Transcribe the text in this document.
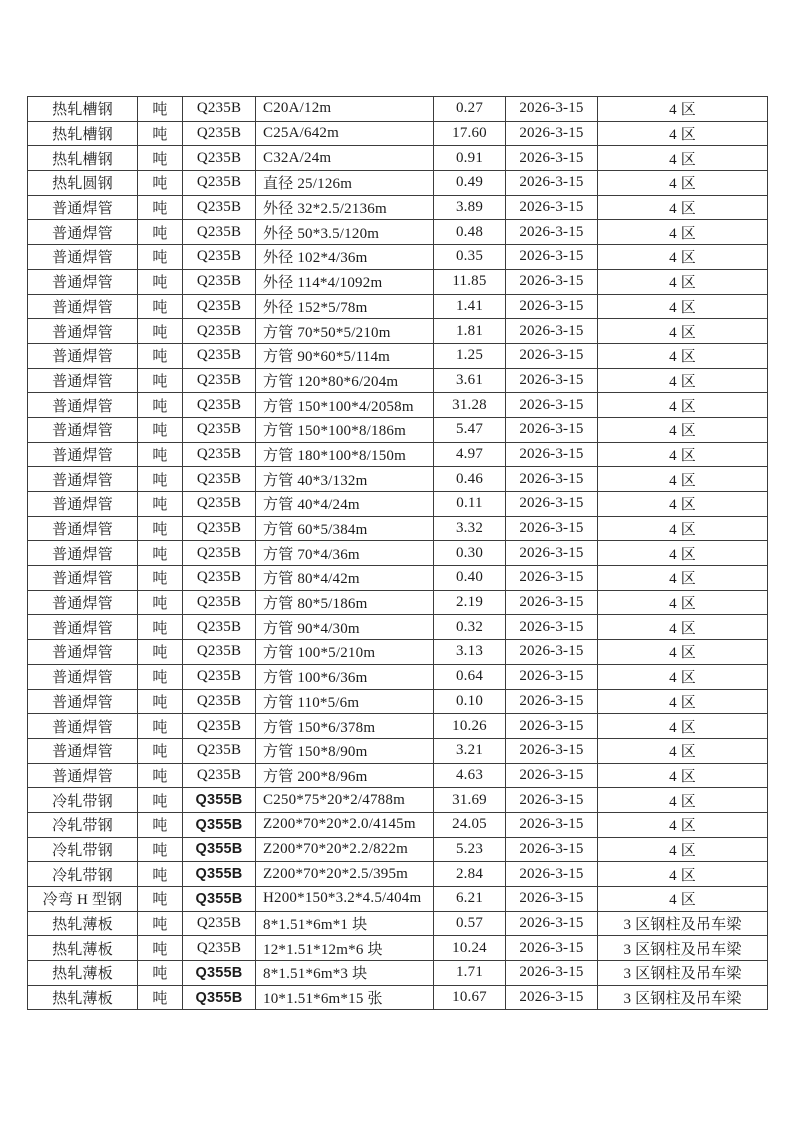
热轧槽钢	吨	Q235B	C20A/12m	0.27	2026-3-15	4 区
热轧槽钢	吨	Q235B	C25A/642m	17.60	2026-3-15	4 区
热轧槽钢	吨	Q235B	C32A/24m	0.91	2026-3-15	4 区
热轧圆钢	吨	Q235B	直径 25/126m	0.49	2026-3-15	4 区
普通焊管	吨	Q235B	外径 32*2.5/2136m	3.89	2026-3-15	4 区
普通焊管	吨	Q235B	外径 50*3.5/120m	0.48	2026-3-15	4 区
普通焊管	吨	Q235B	外径 102*4/36m	0.35	2026-3-15	4 区
普通焊管	吨	Q235B	外径 114*4/1092m	11.85	2026-3-15	4 区
普通焊管	吨	Q235B	外径 152*5/78m	1.41	2026-3-15	4 区
普通焊管	吨	Q235B	方管 70*50*5/210m	1.81	2026-3-15	4 区
普通焊管	吨	Q235B	方管 90*60*5/114m	1.25	2026-3-15	4 区
普通焊管	吨	Q235B	方管 120*80*6/204m	3.61	2026-3-15	4 区
普通焊管	吨	Q235B	方管 150*100*4/2058m	31.28	2026-3-15	4 区
普通焊管	吨	Q235B	方管 150*100*8/186m	5.47	2026-3-15	4 区
普通焊管	吨	Q235B	方管 180*100*8/150m	4.97	2026-3-15	4 区
普通焊管	吨	Q235B	方管 40*3/132m	0.46	2026-3-15	4 区
普通焊管	吨	Q235B	方管 40*4/24m	0.11	2026-3-15	4 区
普通焊管	吨	Q235B	方管 60*5/384m	3.32	2026-3-15	4 区
普通焊管	吨	Q235B	方管 70*4/36m	0.30	2026-3-15	4 区
普通焊管	吨	Q235B	方管 80*4/42m	0.40	2026-3-15	4 区
普通焊管	吨	Q235B	方管 80*5/186m	2.19	2026-3-15	4 区
普通焊管	吨	Q235B	方管 90*4/30m	0.32	2026-3-15	4 区
普通焊管	吨	Q235B	方管 100*5/210m	3.13	2026-3-15	4 区
普通焊管	吨	Q235B	方管 100*6/36m	0.64	2026-3-15	4 区
普通焊管	吨	Q235B	方管 110*5/6m	0.10	2026-3-15	4 区
普通焊管	吨	Q235B	方管 150*6/378m	10.26	2026-3-15	4 区
普通焊管	吨	Q235B	方管 150*8/90m	3.21	2026-3-15	4 区
普通焊管	吨	Q235B	方管 200*8/96m	4.63	2026-3-15	4 区
冷轧带钢	吨	Q355B	C250*75*20*2/4788m	31.69	2026-3-15	4 区
冷轧带钢	吨	Q355B	Z200*70*20*2.0/4145m	24.05	2026-3-15	4 区
冷轧带钢	吨	Q355B	Z200*70*20*2.2/822m	5.23	2026-3-15	4 区
冷轧带钢	吨	Q355B	Z200*70*20*2.5/395m	2.84	2026-3-15	4 区
冷弯 H 型钢	吨	Q355B	H200*150*3.2*4.5/404m	6.21	2026-3-15	4 区
热轧薄板	吨	Q235B	8*1.51*6m*1 块	0.57	2026-3-15	3 区钢柱及吊车梁
热轧薄板	吨	Q235B	12*1.51*12m*6 块	10.24	2026-3-15	3 区钢柱及吊车梁
热轧薄板	吨	Q355B	8*1.51*6m*3 块	1.71	2026-3-15	3 区钢柱及吊车梁
热轧薄板	吨	Q355B	10*1.51*6m*15 张	10.67	2026-3-15	3 区钢柱及吊车梁
